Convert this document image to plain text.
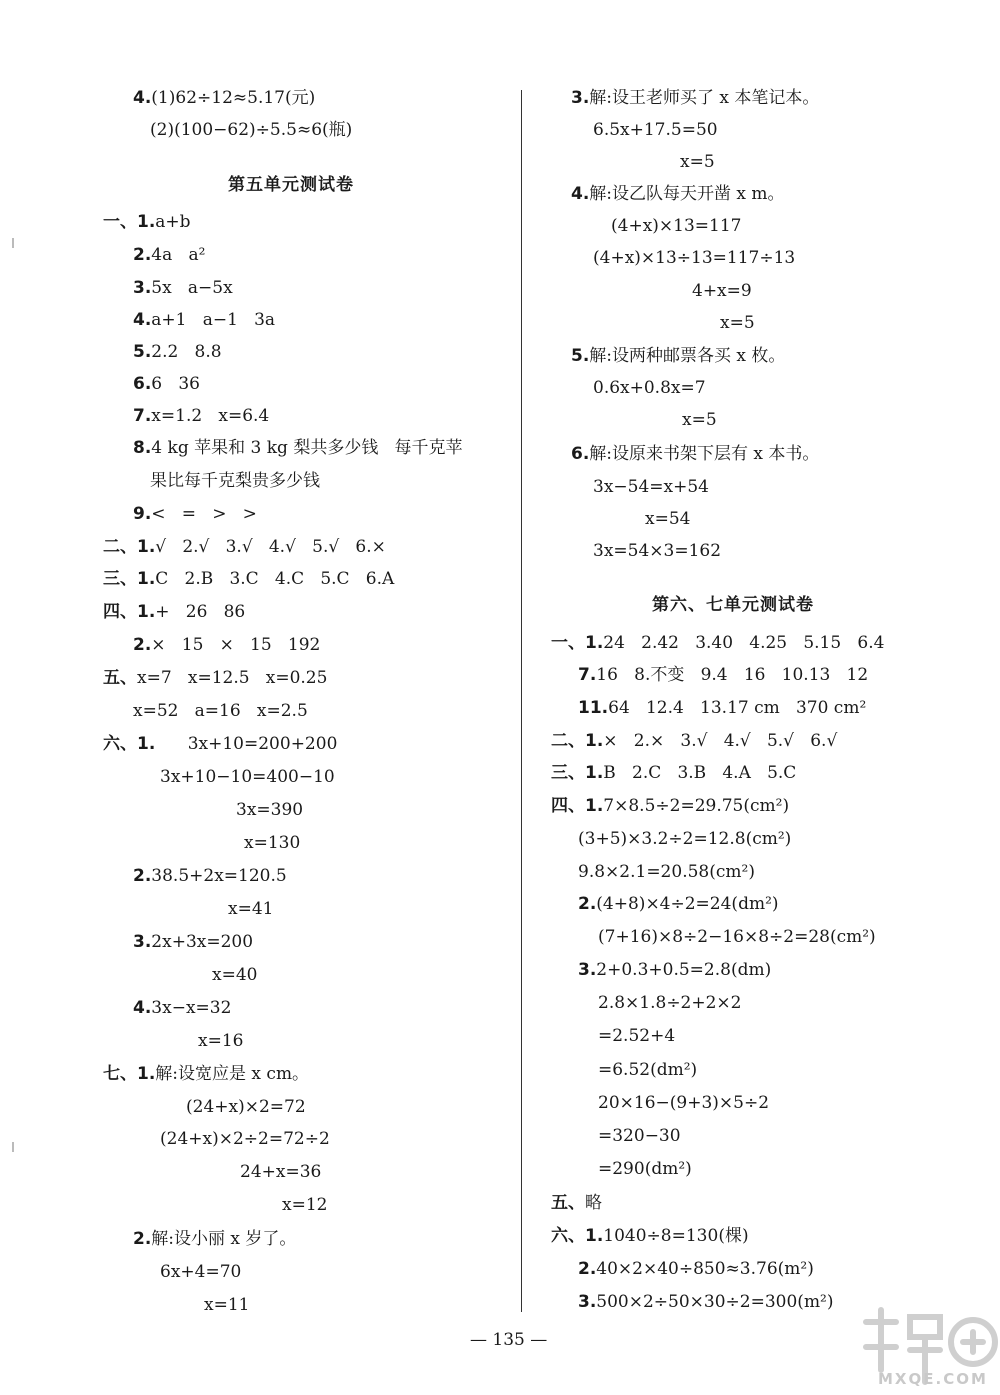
第五单元测试卷
第六、七单元测试卷
4.(1)62÷12≈5.17(元)
(2)(100−62)÷5.5≈6(瓶)
一、1.a+b
2.4a   a²
3.5x   a−5x
4.a+1   a−1   3a
5.2.2   8.8
6.6   36
7.x=1.2   x=6.4
8.4 kg 苹果和 3 kg 梨共多少钱   每千克苹
果比每千克梨贵多少钱
9.<   =   >   >
二、1.√   2.√   3.√   4.√   5.√   6.×
三、1.C   2.B   3.C   4.C   5.C   6.A
四、1.+   26   86
2.×   15   ×   15   192
五、x=7   x=12.5   x=0.25
x=52   a=16   x=2.5
六、1.      3x+10=200+200
3x+10−10=400−10
3x=390
x=130
2.38.5+2x=120.5
x=41
3.2x+3x=200
x=40
4.3x−x=32
x=16
七、1.解:设宽应是 x cm。
(24+x)×2=72
(24+x)×2÷2=72÷2
24+x=36
x=12
2.解:设小丽 x 岁了。
6x+4=70
x=11
3.解:设王老师买了 x 本笔记本。
6.5x+17.5=50
x=5
4.解:设乙队每天开凿 x m。
(4+x)×13=117
(4+x)×13÷13=117÷13
4+x=9
x=5
5.解:设两种邮票各买 x 枚。
0.6x+0.8x=7
x=5
6.解:设原来书架下层有 x 本书。
3x−54=x+54
x=54
3x=54×3=162
一、1.24   2.42   3.40   4.25   5.15   6.4
7.16   8.不变   9.4   16   10.13   12
11.64   12.4   13.17 cm   370 cm²
二、1.×   2.×   3.√   4.√   5.√   6.√
三、1.B   2.C   3.B   4.A   5.C
四、1.7×8.5÷2=29.75(cm²)
(3+5)×3.2÷2=12.8(cm²)
9.8×2.1=20.58(cm²)
2.(4+8)×4÷2=24(dm²)
(7+16)×8÷2−16×8÷2=28(cm²)
3.2+0.3+0.5=2.8(dm)
2.8×1.8÷2+2×2
=2.52+4
=6.52(dm²)
20×16−(9+3)×5÷2
=320−30
=290(dm²)
五、略
六、1.1040÷8=130(棵)
2.40×2×40÷850≈3.76(m²)
3.500×2÷50×30÷2=300(m²)
— 135 —
MXQE.COM
